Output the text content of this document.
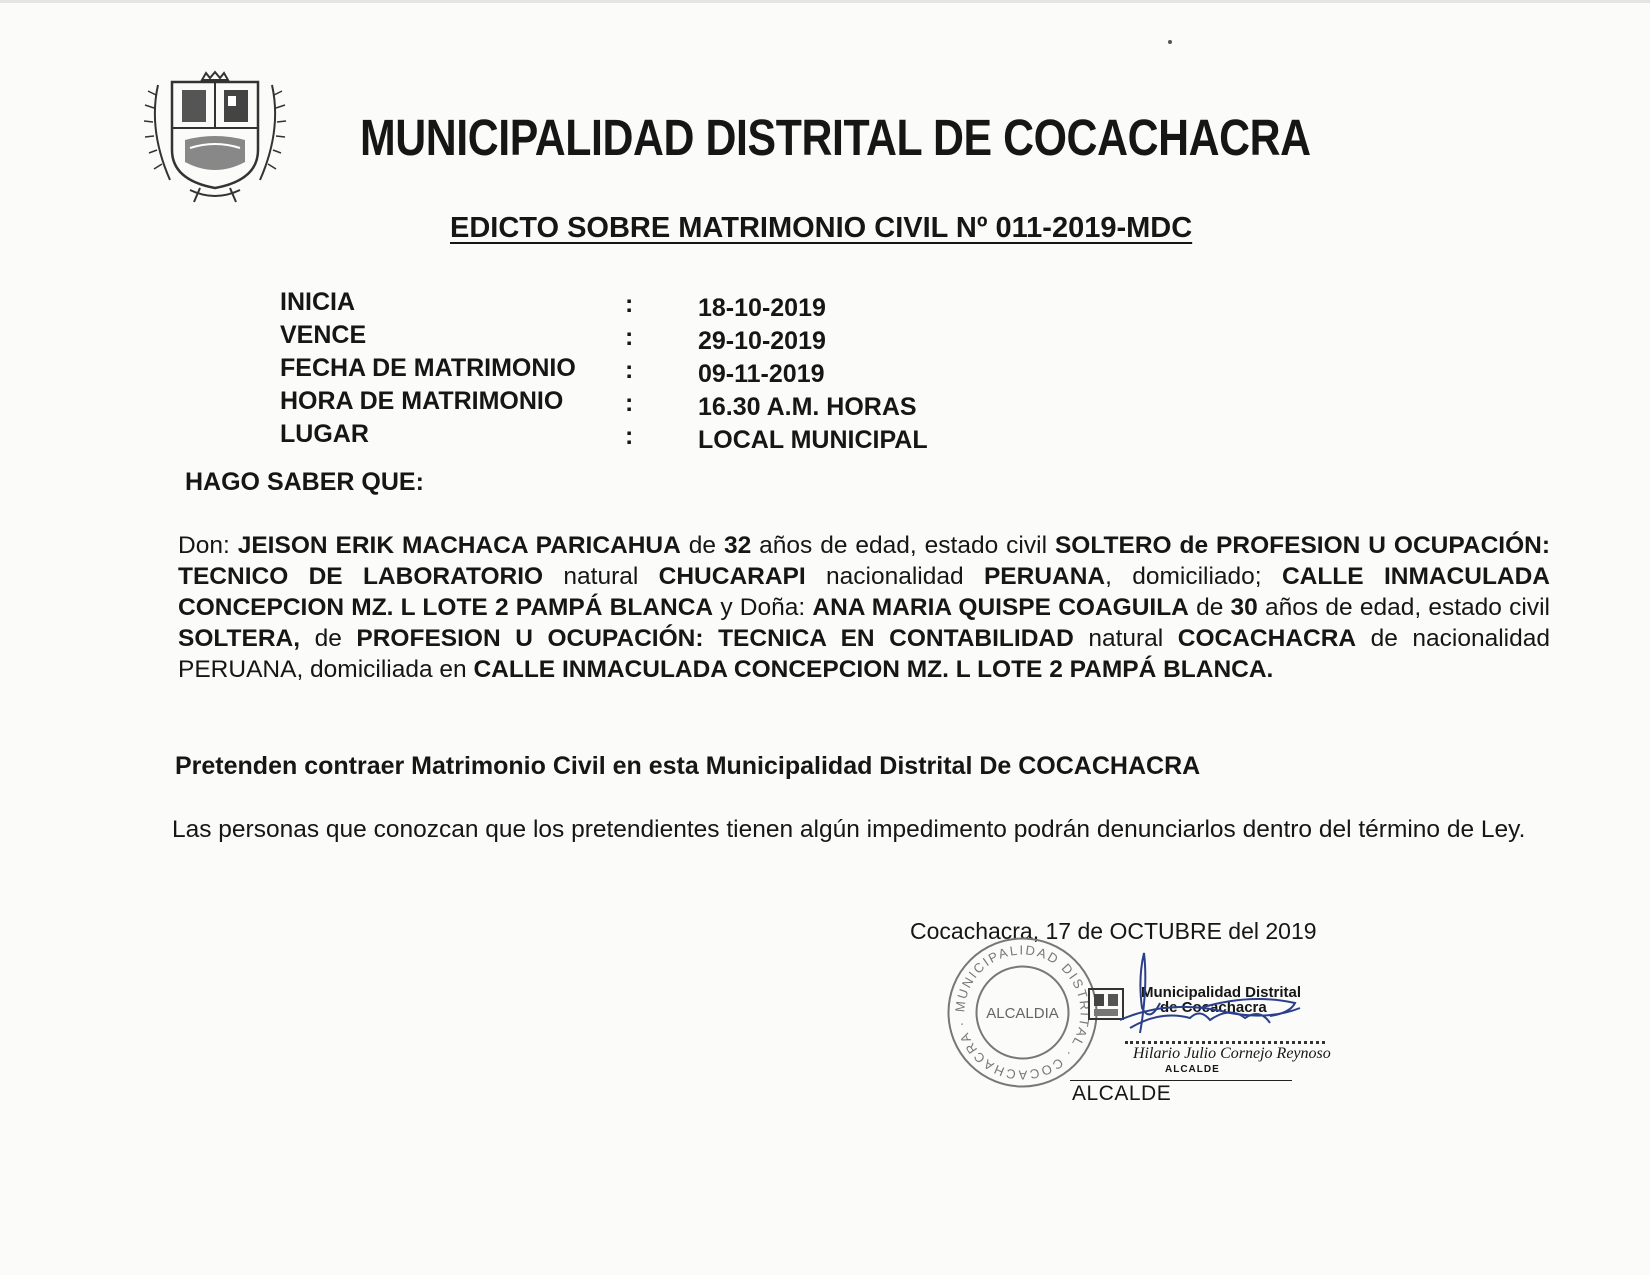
MUNICIPALIDAD DISTRITAL DE COCACHACRA
EDICTO SOBRE MATRIMONIO CIVIL Nº 011-2019-MDC
INICIA	:	18-10-2019
VENCE	:	29-10-2019
FECHA DE MATRIMONIO :	09-11-2019
HORA DE MATRIMONIO :	16.30 A.M. HORAS
LUGAR	:	LOCAL MUNICIPAL
HAGO SABER QUE:
Don: JEISON ERIK MACHACA PARICAHUA de 32 años de edad, estado civil SOLTERO de PROFESION U OCUPACIÓN: TECNICO DE LABORATORIO natural CHUCARAPI nacionalidad PERUANA, domiciliado; CALLE INMACULADA CONCEPCION MZ. L LOTE 2 PAMPÁ BLANCA y Doña: ANA MARIA QUISPE COAGUILA de 30 años de edad, estado civil SOLTERA, de PROFESION U OCUPACIÓN: TECNICA EN CONTABILIDAD natural COCACHACRA de nacionalidad PERUANA, domiciliada en CALLE INMACULADA CONCEPCION MZ. L LOTE 2 PAMPÁ BLANCA.
Pretenden contraer Matrimonio Civil en esta Municipalidad Distrital De COCACHACRA
Las personas que conozcan que los pretendientes tienen algún impedimento podrán denunciarlos dentro del término de Ley.
Cocachacra, 17 de OCTUBRE del 2019
MUNICIPALIDAD DISTRITAL · COCACHACRA ·
ALCALDIA
Municipalidad Distrital
de Cocachacra
Hilario Julio Cornejo Reynoso
ALCALDE
ALCALDE
